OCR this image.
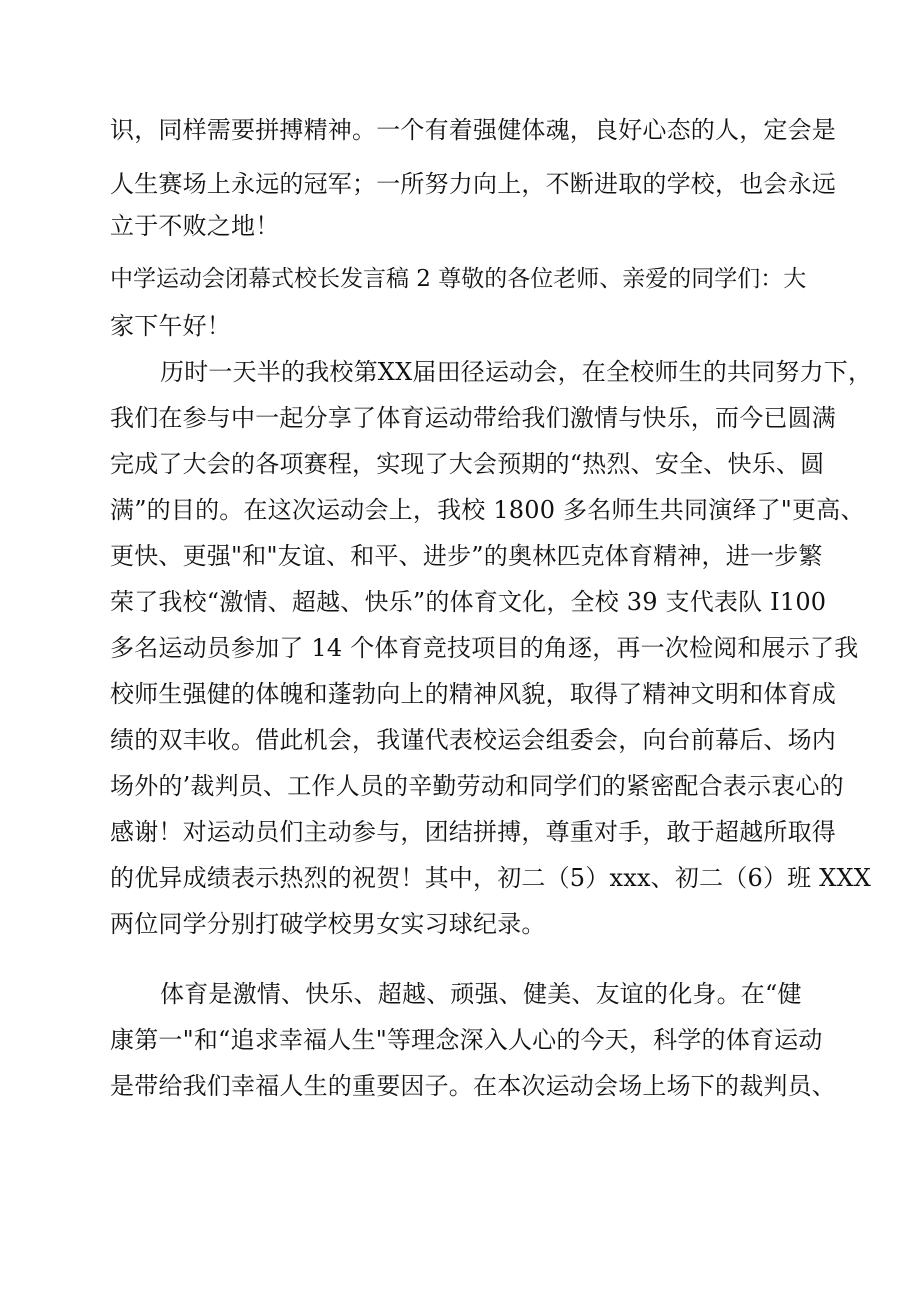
识，同样需要拼搏精神。一个有着强健体魂，良好心态的人，定会是
人生赛场上永远的冠军；一所努力向上，不断进取的学校，也会永远
立于不败之地！
中学运动会闭幕式校长发言稿 2 尊敬的各位老师、亲爱的同学们：大
家下午好！
历时一天半的我校第XX届田径运动会，在全校师生的共同努力下，
我们在参与中一起分享了体育运动带给我们激情与快乐，而今已圆满
完成了大会的各项赛程，实现了大会预期的“热烈、安全、快乐、圆
满”的目的。在这次运动会上，我校 1800 多名师生共同演绎了"更高、
更快、更强"和"友谊、和平、进步”的奥林匹克体育精神，进一步繁
荣了我校“激情、超越、快乐”的体育文化，全校 39 支代表队 I100
多名运动员参加了 14 个体育竞技项目的角逐，再一次检阅和展示了我
校师生强健的体魄和蓬勃向上的精神风貌，取得了精神文明和体育成
绩的双丰收。借此机会，我谨代表校运会组委会，向台前幕后、场内
场外的’裁判员、工作人员的辛勤劳动和同学们的紧密配合表示衷心的
感谢！对运动员们主动参与，团结拼搏，尊重对手，敢于超越所取得
的优异成绩表示热烈的祝贺！其中，初二（5）xxx、初二（6）班 XXX
两位同学分别打破学校男女实习球纪录。
体育是激情、快乐、超越、顽强、健美、友谊的化身。在“健
康第一"和“追求幸福人生"等理念深入人心的今天，科学的体育运动
是带给我们幸福人生的重要因子。在本次运动会场上场下的裁判员、
